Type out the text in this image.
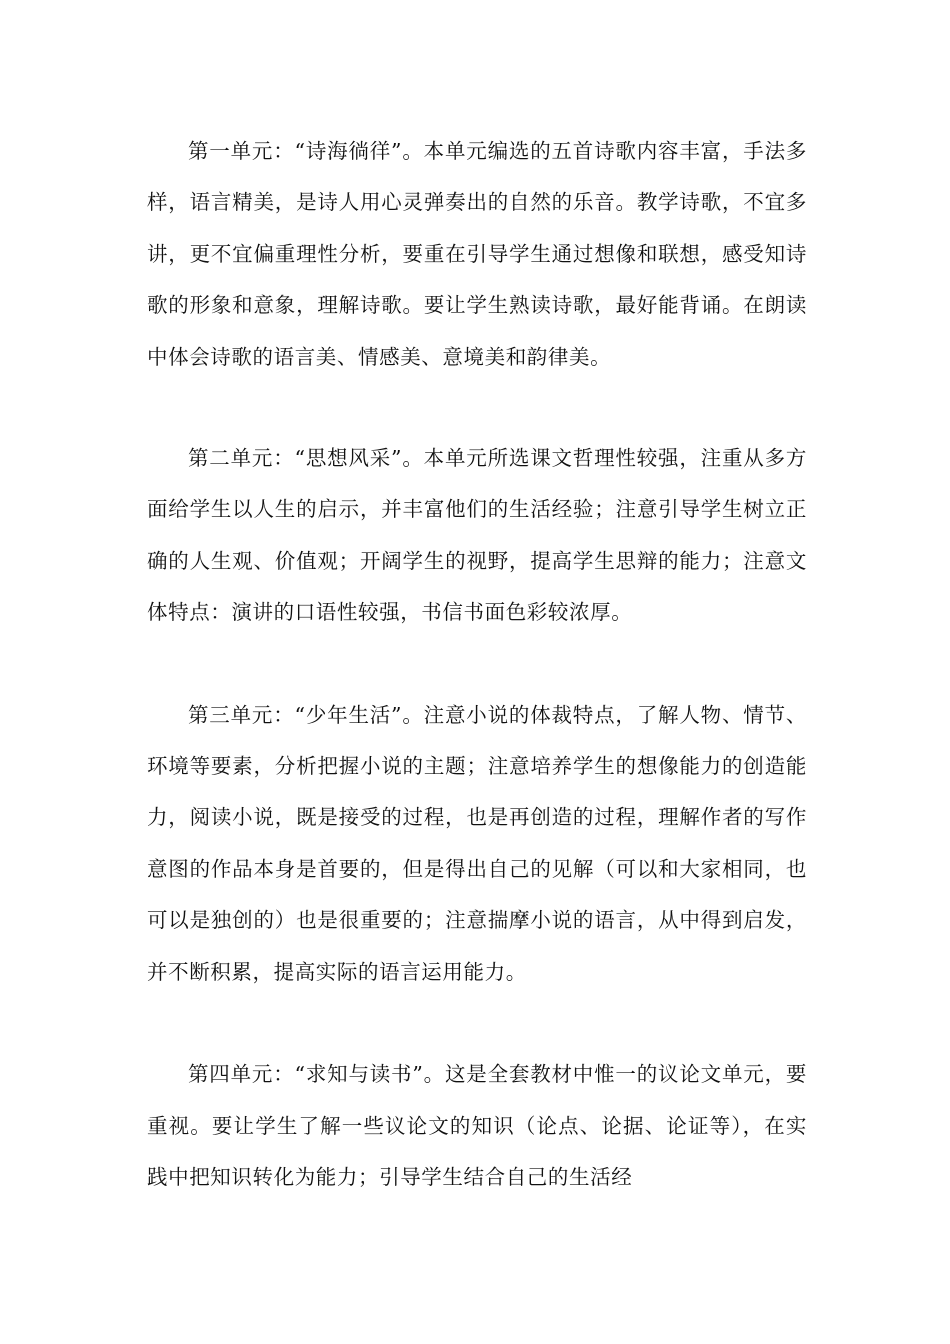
第一单元：“诗海徜徉”。本单元编选的五首诗歌内容丰富，手法多样，语言精美，是诗人用心灵弹奏出的自然的乐音。教学诗歌，不宜多讲，更不宜偏重理性分析，要重在引导学生通过想像和联想，感受知诗歌的形象和意象，理解诗歌。要让学生熟读诗歌，最好能背诵。在朗读中体会诗歌的语言美、情感美、意境美和韵律美。

第二单元：“思想风采”。本单元所选课文哲理性较强，注重从多方面给学生以人生的启示，并丰富他们的生活经验；注意引导学生树立正确的人生观、价值观；开阔学生的视野，提高学生思辩的能力；注意文体特点：演讲的口语性较强，书信书面色彩较浓厚。

第三单元：“少年生活”。注意小说的体裁特点，了解人物、情节、环境等要素，分析把握小说的主题；注意培养学生的想像能力的创造能力，阅读小说，既是接受的过程，也是再创造的过程，理解作者的写作意图的作品本身是首要的，但是得出自己的见解（可以和大家相同，也可以是独创的）也是很重要的；注意揣摩小说的语言，从中得到启发，并不断积累，提高实际的语言运用能力。

第四单元：“求知与读书”。这是全套教材中惟一的议论文单元，要重视。要让学生了解一些议论文的知识（论点、论据、论证等），在实践中把知识转化为能力；引导学生结合自己的生活经
